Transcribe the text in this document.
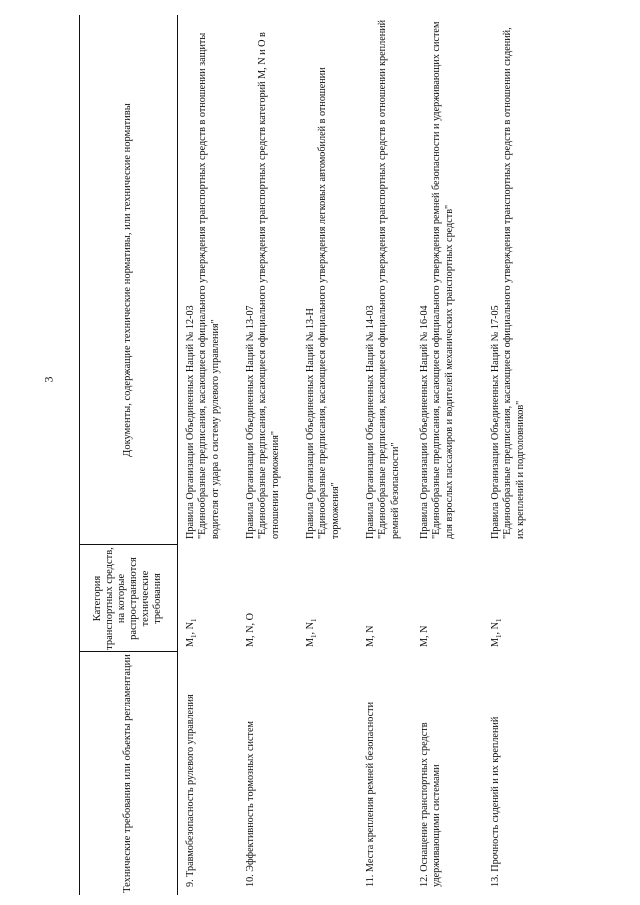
3
Технические требования или объекты регламентации
Категория транспортных средств, на которые распространяются технические требования
Документы, содержащие технические нормативы, или технические нормативы
9. Травмобезопасность рулевого управления
$M_1$, $N_1$
Правила Организации Объединенных Наций № 12-03 "Единообразные предписания, касающиеся официального утверждения транспортных средств в отношении защиты водителя от удара о систему рулевого управления"
10. Эффективность тормозных систем
M, N, O
Правила Организации Объединенных Наций № 13-07 "Единообразные предписания, касающиеся официального утверждения транспортных средств категорий M, N и O в отношении торможения"
$M_1$, $N_1$
Правила Организации Объединенных Наций № 13-Н "Единообразные предписания, касающиеся официального утверждения легковых автомобилей в отношении торможения"
11. Места крепления ремней безопасности
M, N
Правила Организации Объединенных Наций № 14-03 "Единообразные предписания, касающиеся официального утверждения транспортных средств в отношении креплений ремней безопасности"
12. Оснащение транспортных средств удерживающими системами
M, N
Правила Организации Объединенных Наций № 16-04 "Единообразные предписания, касающиеся официального утверждения ремней безопасности и удерживающих систем для взрослых пассажиров и водителей механических транспортных средств"
13. Прочность сидений и их креплений
$M_1$, $N_1$
Правила Организации Объединенных Наций № 17-05 "Единообразные предписания, касающиеся официального утверждения транспортных средств в отношении сидений, их креплений и подголовников"
